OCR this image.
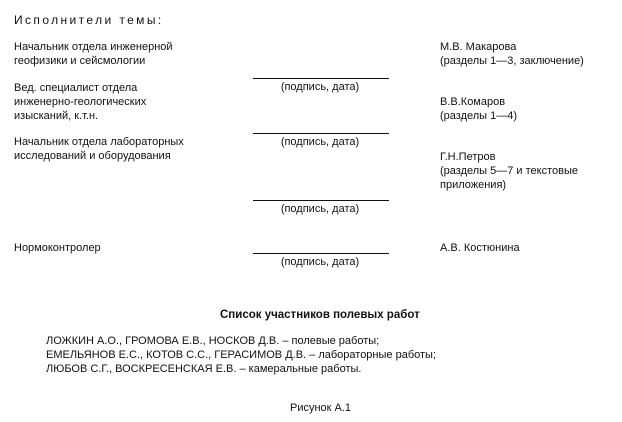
Исполнители темы:
Начальник отдела инженерной
геофизики и сейсмологии
М.В. Макарова
(разделы 1—3, заключение)
(подпись, дата)
Вед. специалист отдела
инженерно-геологических
изысканий, к.т.н.
В.В.Комаров
(разделы 1—4)
(подпись, дата)
Начальник отдела лабораторных
исследований и оборудования	Г.Н.Петров
(разделы 5—7 и текстовые
приложения)
(подпись, дата)
Нормоконтролер	А.В. Костюнина
(подпись, дата)
Список участников полевых работ
ЛОЖКИН А.О., ГРОМОВА Е.В., НОСКОВ Д.В. – полевые работы;
ЕМЕЛЬЯНОВ Е.С., КОТОВ С.С., ГЕРАСИМОВ Д.В. – лабораторные работы;
ЛЮБОВ С.Г., ВОСКРЕСЕНСКАЯ Е.В. – камеральные работы.
Рисунок А.1
